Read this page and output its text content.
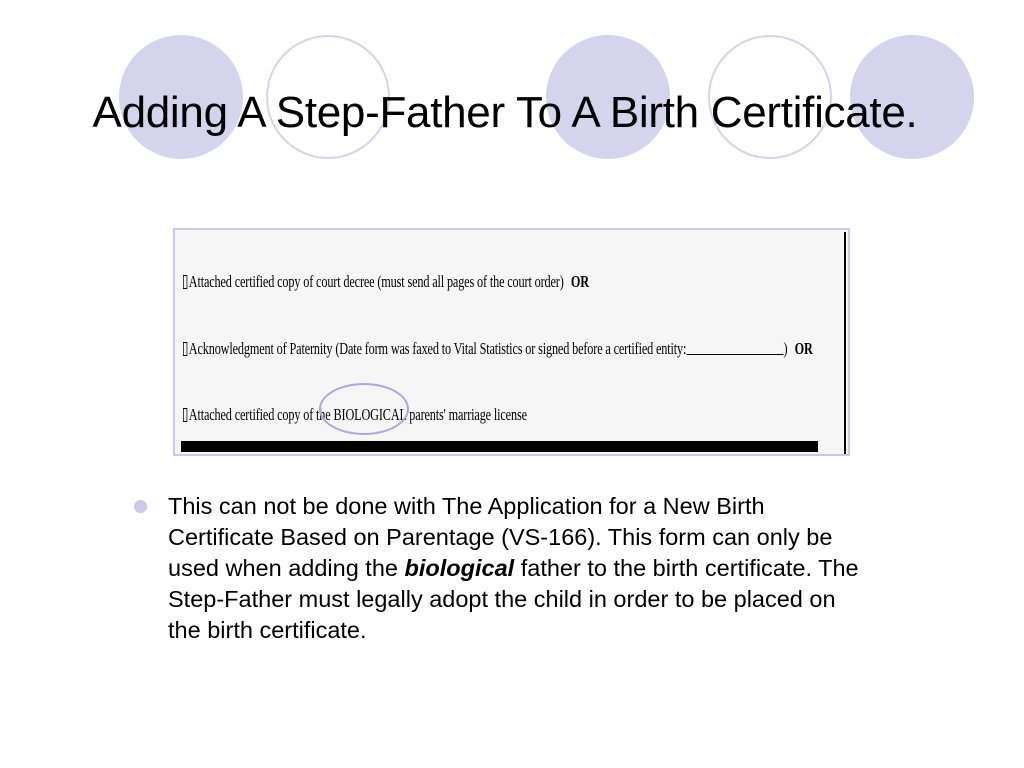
Adding A Step-Father To A Birth Certificate.
Attached certified copy of court decree (must send all pages of the court order) OR
Acknowledgment of Paternity (Date form was faxed to Vital Statistics or signed before a certified entity:	) OR
Attached certified copy of the BIOLOGICAL parents' marriage license
This can not be done with The Application for a New Birth Certificate Based on Parentage (VS-166). This form can only be used when adding the biological father to the birth certificate. The Step-Father must legally adopt the child in order to be placed on the birth certificate.
